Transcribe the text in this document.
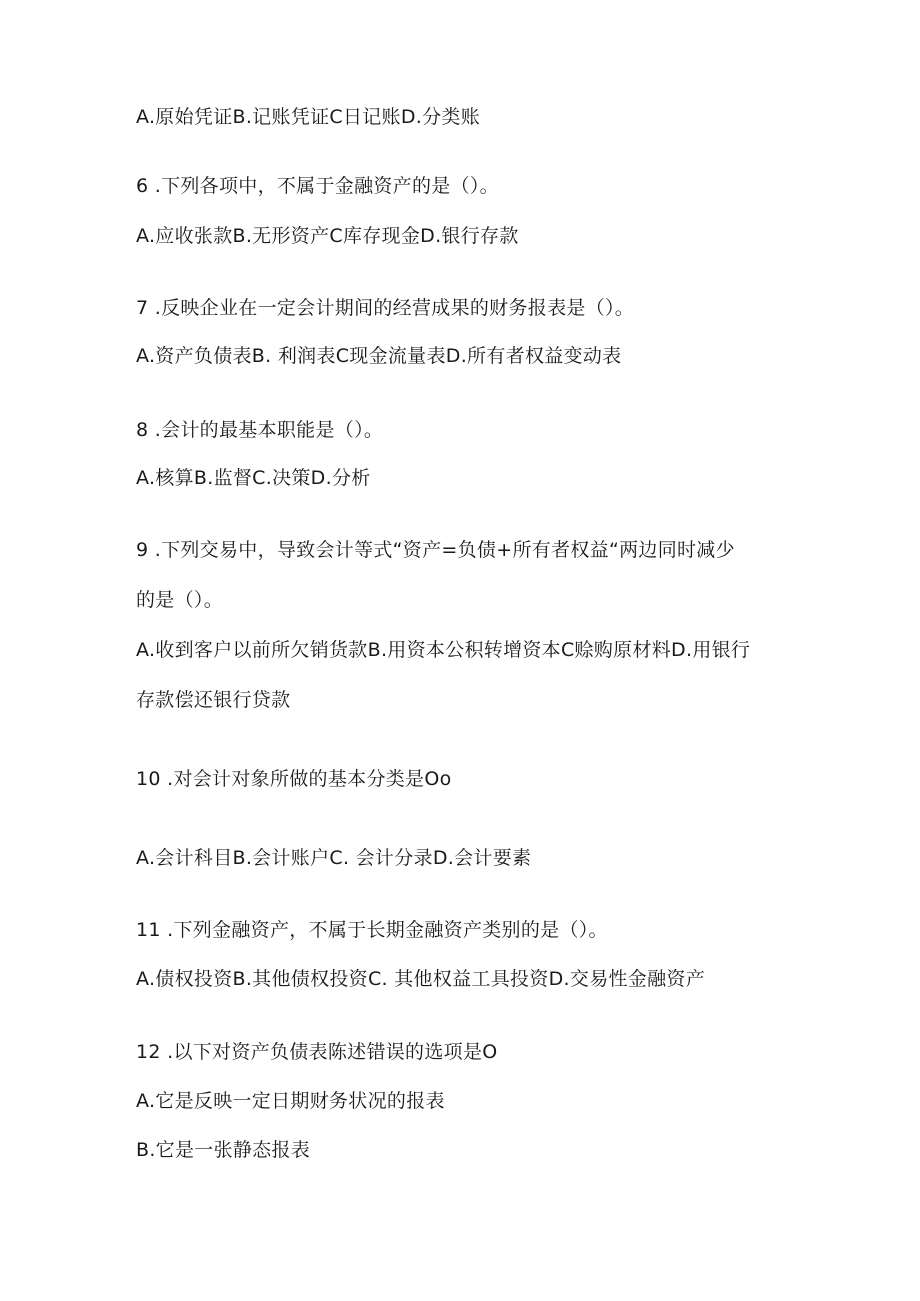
A.原始凭证B.记账凭证C日记账D.分类账
6 .下列各项中，不属于金融资产的是（）。
A.应收张款B.无形资产C库存现金D.银行存款
7 .反映企业在一定会计期间的经营成果的财务报表是（）。
A.资产负债表B. 利润表C现金流量表D.所有者权益变动表
8 .会计的最基本职能是（）。
A.核算B.监督C.决策D.分析
9 .下列交易中，导致会计等式“资产=负债+所有者权益“两边同时减少
的是（）。
A.收到客户以前所欠销货款B.用资本公积转增资本C赊购原材料D.用银行
存款偿还银行贷款
10 .对会计对象所做的基本分类是Oo
A.会计科目B.会计账户C. 会计分录D.会计要素
11 .下列金融资产，不属于长期金融资产类别的是（）。
A.债权投资B.其他债权投资C. 其他权益工具投资D.交易性金融资产
12 .以下对资产负债表陈述错误的选项是O
A.它是反映一定日期财务状况的报表
B.它是一张静态报表
